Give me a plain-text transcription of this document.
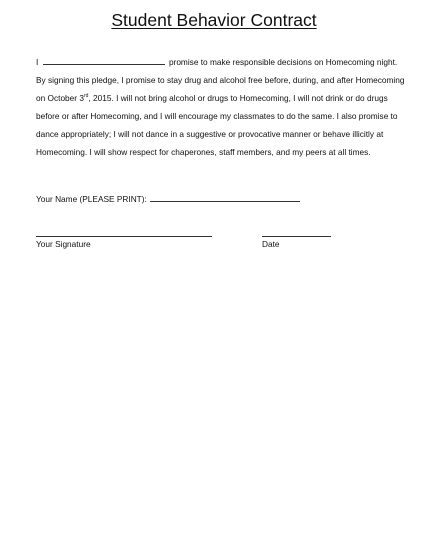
Student Behavior Contract

I	promise to make responsible decisions on Homecoming night. By signing this pledge, I promise to stay drug and alcohol free before, during, and after Homecoming on October 3rd, 2015. I will not bring alcohol or drugs to Homecoming, I will not drink or do drugs before or after Homecoming, and I will encourage my classmates to do the same. I also promise to dance appropriately; I will not dance in a suggestive or provocative manner or behave illicitly at Homecoming. I will show respect for chaperones, staff members, and my peers at all times.

Your Name (PLEASE PRINT):
Your Signature	Date
